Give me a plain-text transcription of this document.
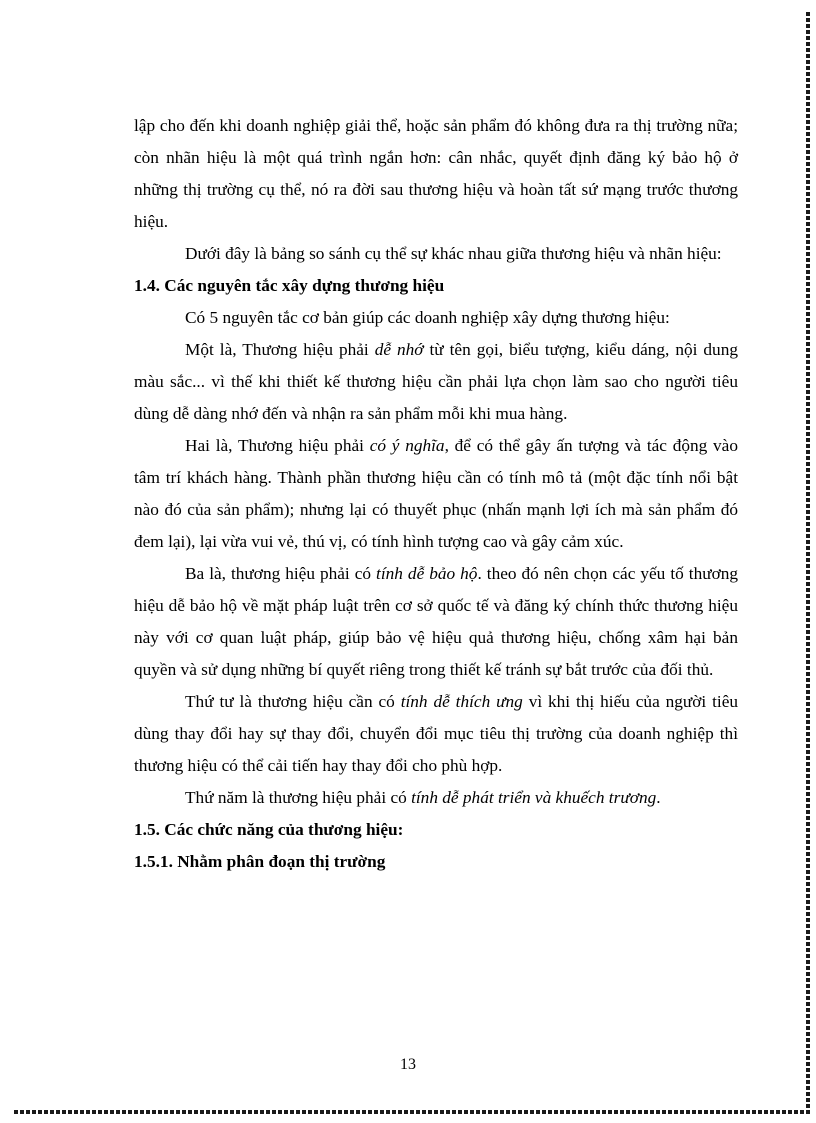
lập cho đến khi doanh nghiệp giải thể, hoặc sản phẩm đó không đưa ra thị trường nữa; còn nhãn hiệu là một quá trình ngắn hơn: cân nhắc, quyết định đăng ký bảo hộ ở những thị trường cụ thể, nó ra đời sau thương hiệu và hoàn tất sứ mạng trước thương hiệu.

Dưới đây là bảng so sánh cụ thể sự khác nhau giữa thương hiệu và nhãn hiệu:

1.4. Các nguyên tắc xây dựng thương hiệu

Có 5 nguyên tắc cơ bản giúp các doanh nghiệp xây dựng thương hiệu:

Một là, Thương hiệu phải dễ nhớ từ tên gọi, biểu tượng, kiểu dáng, nội dung màu sắc... vì thế khi thiết kế thương hiệu cần phải lựa chọn làm sao cho người tiêu dùng dễ dàng nhớ đến và nhận ra sản phẩm mỗi khi mua hàng.

Hai là, Thương hiệu phải có ý nghĩa, để có thể gây ấn tượng và tác động vào tâm trí khách hàng. Thành phần thương hiệu cần có tính mô tả (một đặc tính nổi bật nào đó của sản phẩm); nhưng lại có thuyết phục (nhấn mạnh lợi ích mà sản phẩm đó đem lại), lại vừa vui vẻ, thú vị, có tính hình tượng cao và gây cảm xúc.

Ba là, thương hiệu phải có tính dễ bảo hộ. theo đó nên chọn các yếu tố thương hiệu dễ bảo hộ về mặt pháp luật trên cơ sở quốc tế và đăng ký chính thức thương hiệu này với cơ quan luật pháp, giúp bảo vệ hiệu quả thương hiệu, chống xâm hại bản quyền và sử dụng những bí quyết riêng trong thiết kế tránh sự bắt trước của đối thủ.

Thứ tư là thương hiệu cần có tính dễ thích ưng vì khi thị hiếu của người tiêu dùng thay đổi hay sự thay đổi, chuyển đổi mục tiêu thị trường của doanh nghiệp thì thương hiệu có thể cải tiến hay thay đổi cho phù hợp.

Thứ năm là thương hiệu phải có tính dễ phát triển và khuếch trương.

1.5. Các chức năng của thương hiệu:

1.5.1. Nhằm phân đoạn thị trường

13
